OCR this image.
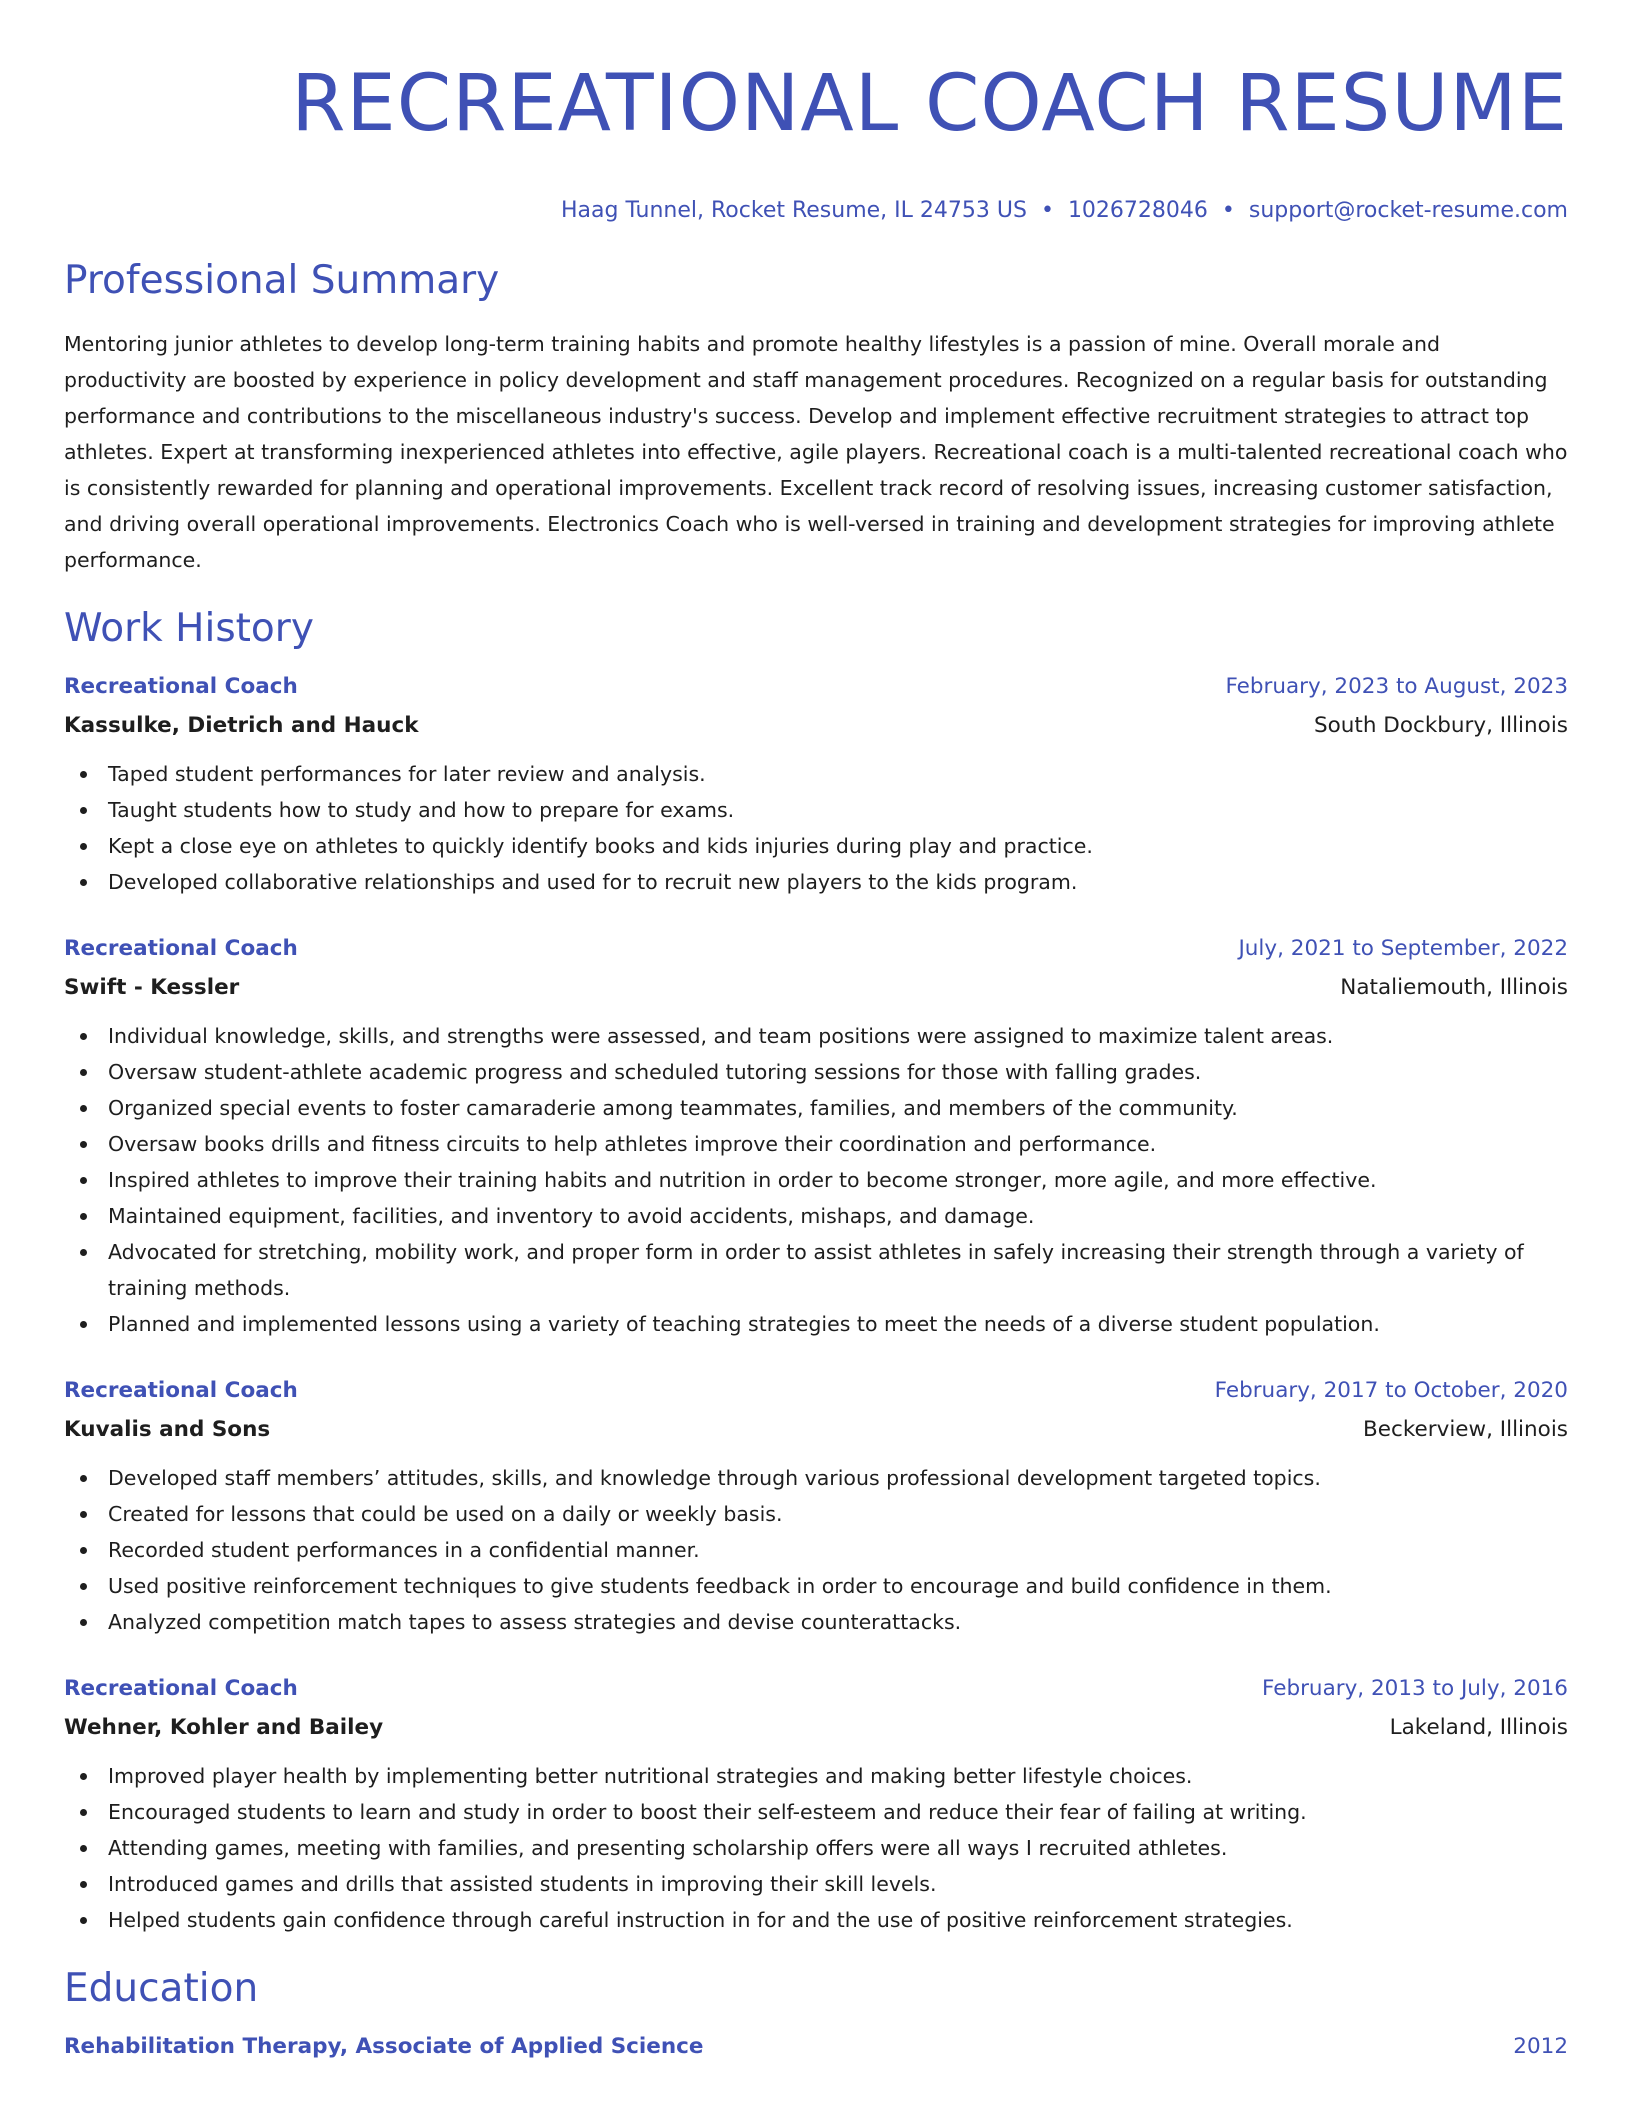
RECREATIONAL COACH RESUME
Haag Tunnel, Rocket Resume, IL 24753 US • 1026728046 • support@rocket-resume.com
Professional Summary

Mentoring junior athletes to develop long-term training habits and promote healthy lifestyles is a passion of mine. Overall morale and productivity are boosted by experience in policy development and staff management procedures. Recognized on a regular basis for outstanding performance and contributions to the miscellaneous industry's success. Develop and implement effective recruitment strategies to attract top athletes. Expert at transforming inexperienced athletes into effective, agile players. Recreational coach is a multi-talented recreational coach who is consistently rewarded for planning and operational improvements. Excellent track record of resolving issues, increasing customer satisfaction, and driving overall operational improvements. Electronics Coach who is well-versed in training and development strategies for improving athlete performance.

Work History
Recreational Coach	February, 2023 to August, 2023
Kassulke, Dietrich and Hauck	South Dockbury, Illinois
Taped student performances for later review and analysis.
Taught students how to study and how to prepare for exams.
Kept a close eye on athletes to quickly identify books and kids injuries during play and practice.
Developed collaborative relationships and used for to recruit new players to the kids program.
Recreational Coach	July, 2021 to September, 2022
Swift - Kessler	Nataliemouth, Illinois
Individual knowledge, skills, and strengths were assessed, and team positions were assigned to maximize talent areas.
Oversaw student-athlete academic progress and scheduled tutoring sessions for those with falling grades.
Organized special events to foster camaraderie among teammates, families, and members of the community.
Oversaw books drills and fitness circuits to help athletes improve their coordination and performance.
Inspired athletes to improve their training habits and nutrition in order to become stronger, more agile, and more effective.
Maintained equipment, facilities, and inventory to avoid accidents, mishaps, and damage.
Advocated for stretching, mobility work, and proper form in order to assist athletes in safely increasing their strength through a variety of training methods.
Planned and implemented lessons using a variety of teaching strategies to meet the needs of a diverse student population.
Recreational Coach	February, 2017 to October, 2020
Kuvalis and Sons	Beckerview, Illinois
Developed staff members’ attitudes, skills, and knowledge through various professional development targeted topics.
Created for lessons that could be used on a daily or weekly basis.
Recorded student performances in a confidential manner.
Used positive reinforcement techniques to give students feedback in order to encourage and build confidence in them.
Analyzed competition match tapes to assess strategies and devise counterattacks.
Recreational Coach	February, 2013 to July, 2016
Wehner, Kohler and Bailey	Lakeland, Illinois
Improved player health by implementing better nutritional strategies and making better lifestyle choices.
Encouraged students to learn and study in order to boost their self-esteem and reduce their fear of failing at writing.
Attending games, meeting with families, and presenting scholarship offers were all ways I recruited athletes.
Introduced games and drills that assisted students in improving their skill levels.
Helped students gain confidence through careful instruction in for and the use of positive reinforcement strategies.
Education
Rehabilitation Therapy, Associate of Applied Science	2012
